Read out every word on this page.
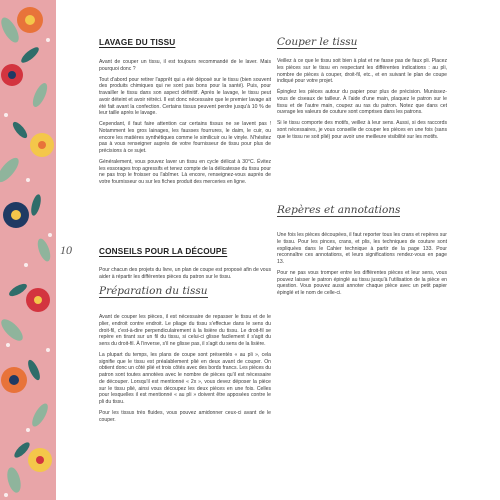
10
LAVAGE DU TISSU

Avant de couper un tissu, il est toujours recommandé de le laver. Mais pourquoi donc ?

Tout d'abord pour retirer l'apprêt qui a été déposé sur le tissu (bien souvent des produits chimiques qui ne sont pas bons pour la santé). Puis, pour travailler le tissu dans son aspect définitif. Après le lavage, le tissu peut avoir déteint et avoir rétréci. Il est donc nécessaire que le premier lavage ait été fait avant la confection. Certains tissus peuvent perdre jusqu'à 10 % de leur taille après le lavage.

Cependant, il faut faire attention car certains tissus ne se lavent pas ! Notamment les gros lainages, les fausses fourrures, le daim, le cuir, ou encore les matières synthétiques comme le similicuir ou le vinyle. N'hésitez pas à vous renseigner auprès de votre fournisseur de tissu pour plus de précisions à ce sujet.

Généralement, vous pouvez laver un tissu en cycle délicat à 30°C. Évitez les essorages trop agressifs et tenez compte de la délicatesse du tissu pour ne pas trop le froisser ou l'abîmer. Là encore, renseignez-vous auprès de votre fournisseur ou sur les fiches produit des merceries en ligne.

CONSEILS POUR LA DÉCOUPE

Pour chacun des projets du livre, un plan de coupe est proposé afin de vous aider à répartir les différentes pièces du patron sur le tissu.

Préparation du tissu

Avant de couper les pièces, il est nécessaire de repasser le tissu et de le plier, endroit contre endroit. Le pliage du tissu s'effectue dans le sens du droit-fil, c'est-à-dire perpendiculairement à la lisière du tissu. Le droit-fil se repère en tirant sur un fil du tissu, si celui-ci glisse facilement il s'agit du sens du droit-fil. À l'inverse, s'il ne glisse pas, il s'agit du sens de la lisière.

La plupart du temps, les plans de coupe sont présentés « au pli », cela signifie que le tissu est préalablement plié en deux avant de couper. On obtient donc un côté plié et trois côtés avec des bords francs. Les pièces du patron sont toutes annotées avec le nombre de pièces qu'il est nécessaire de découper. Lorsqu'il est mentionné « 2x », vous devez déposer la pièce sur le tissu plié, ainsi vous découpez les deux pièces en une fois. Celles pour lesquelles il est mentionné « au pli » doivent être apposées contre le pli du tissu.

Pour les tissus très fluides, vous pouvez amidonner ceux-ci avant de le couper.

Couper le tissu

Veillez à ce que le tissu soit bien à plat et ne fasse pas de faux pli. Placez les pièces sur le tissu en respectant les différentes indications : au pli, nombre de pièces à couper, droit-fil, etc., et en suivant le plan de coupe indiqué pour votre projet.

Épinglez les pièces autour du papier pour plus de précision. Munissez-vous de ciseaux de tailleur. À l'aide d'une main, plaquez le patron sur le tissu et de l'autre main, coupez au ras du patron. Notez que dans cet ouvrage les valeurs de couture sont comprises dans les patrons.

Si le tissu comporte des motifs, veillez à leur sens. Aussi, si des raccords sont nécessaires, je vous conseille de couper les pièces en une fois (sans que le tissu ne soit plié) pour avoir une meilleure visibilité sur les motifs.

Repères et annotations

Une fois les pièces découpées, il faut reporter tous les crans et repères sur le tissu. Pour les pinces, crans, et plis, les techniques de couture sont expliquées dans le Cahier technique à partir de la page 133. Pour reconnaître ces annotations, et leurs significations rendez-vous en page 13.

Pour ne pas vous tromper entre les différentes pièces et leur sens, vous pouvez laisser le patron épinglé au tissu jusqu'à l'utilisation de la pièce en question. Vous pouvez aussi annoter chaque pièce avec un petit papier épinglé et le nom de celle-ci.
